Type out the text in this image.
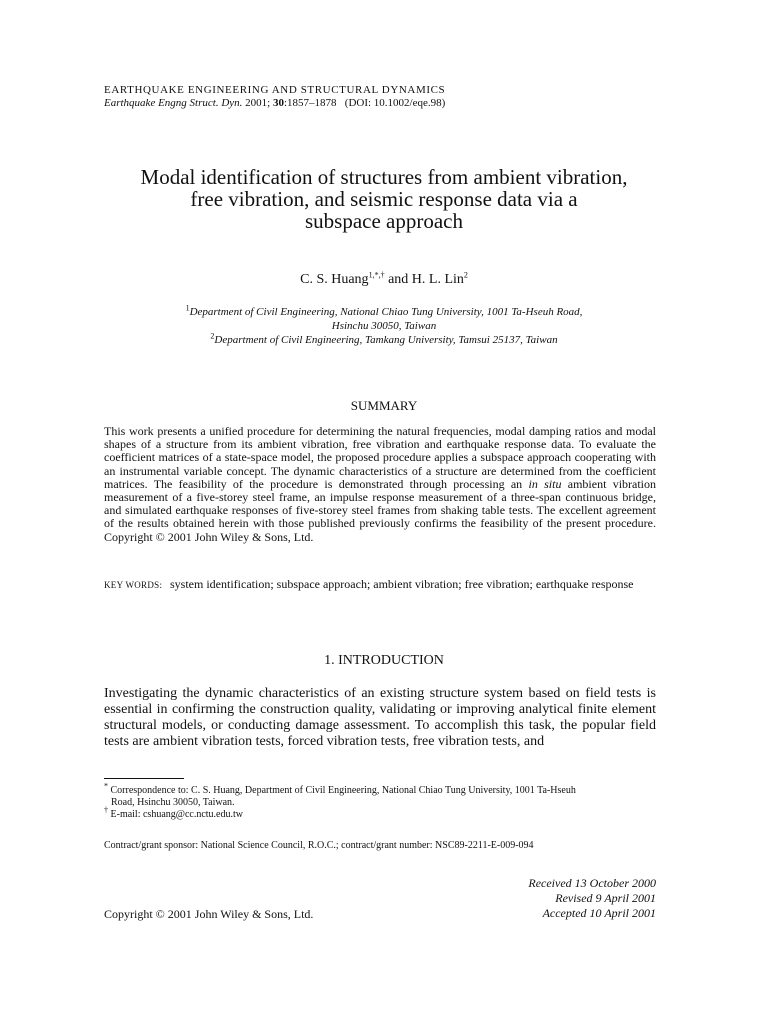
EARTHQUAKE ENGINEERING AND STRUCTURAL DYNAMICS
Earthquake Engng Struct. Dyn. 2001; 30:1857–1878 (DOI: 10.1002/eqe.98)
Modal identification of structures from ambient vibration,
free vibration, and seismic response data via a
subspace approach
C. S. Huang$^{1,*,\dagger}$ and H. L. Lin$^2$
$^1$Department of Civil Engineering, National Chiao Tung University, 1001 Ta-Hseuh Road,
Hsinchu 30050, Taiwan
$^2$Department of Civil Engineering, Tamkang University, Tamsui 25137, Taiwan
SUMMARY
This work presents a unified procedure for determining the natural frequencies, modal damping ratios and modal shapes of a structure from its ambient vibration, free vibration and earthquake response data. To evaluate the coefficient matrices of a state-space model, the proposed procedure applies a subspace approach cooperating with an instrumental variable concept. The dynamic characteristics of a structure are determined from the coefficient matrices. The feasibility of the procedure is demonstrated through processing an in situ ambient vibration measurement of a five-storey steel frame, an impulse response measurement of a three-span continuous bridge, and simulated earthquake responses of five-storey steel frames from shaking table tests. The excellent agreement of the results obtained herein with those published previously confirms the feasibility of the present procedure. Copyright © 2001 John Wiley & Sons, Ltd.
KEY WORDS: system identification; subspace approach; ambient vibration; free vibration; earthquake response
1. INTRODUCTION
Investigating the dynamic characteristics of an existing structure system based on field tests is essential in confirming the construction quality, validating or improving analytical finite element structural models, or conducting damage assessment. To accomplish this task, the popular field tests are ambient vibration tests, forced vibration tests, free vibration tests, and
* Correspondence to: C. S. Huang, Department of Civil Engineering, National Chiao Tung University, 1001 Ta-Hseuh
Road, Hsinchu 30050, Taiwan.
† E-mail: cshuang@cc.nctu.edu.tw
Contract/grant sponsor: National Science Council, R.O.C.; contract/grant number: NSC89-2211-E-009-094
Received 13 October 2000
Revised 9 April 2001
Accepted 10 April 2001
Copyright © 2001 John Wiley & Sons, Ltd.
